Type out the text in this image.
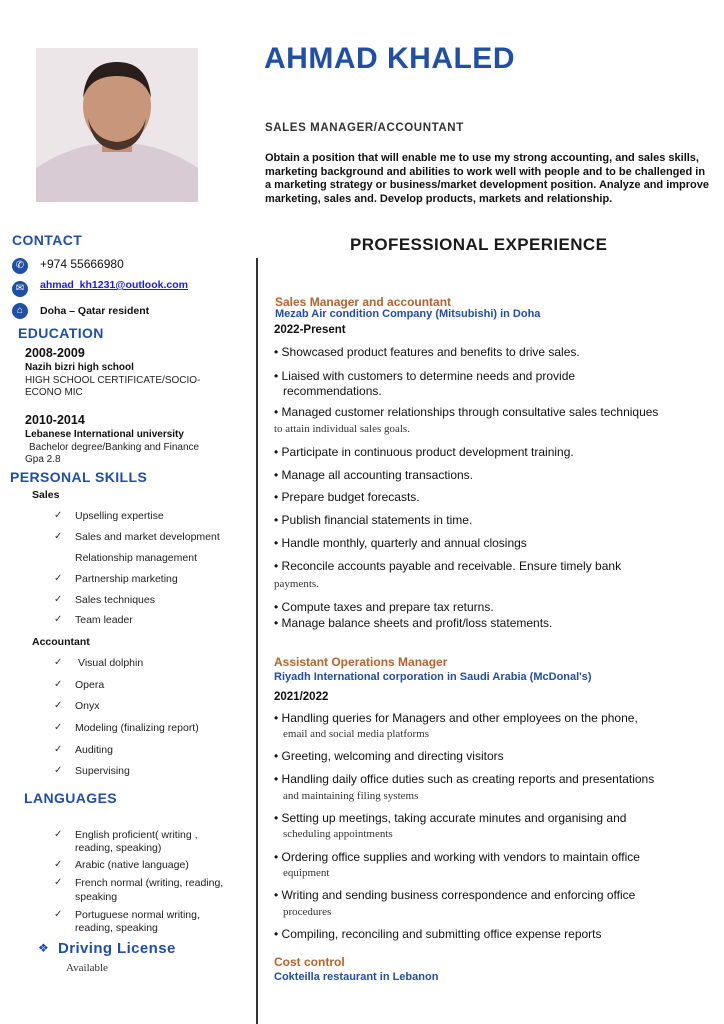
AHMAD KHALED
SALES MANAGER/ACCOUNTANT
Obtain a position that will enable me to use my strong accounting, and sales skills, marketing background and abilities to work well with people and to be challenged in a marketing strategy or business/market development position. Analyze and improve marketing, sales and. Develop products, markets and relationship.
CONTACT
✆	+974 55666980
✉	ahmad_kh1231@outlook.com
⌂	Doha – Qatar resident
EDUCATION
2008-2009
Nazih bizri high school
HIGH SCHOOL CERTIFICATE/SOCIO-
ECONO MIC
2010-2014
Lebanese International university
Bachelor degree/Banking and Finance
Gpa 2.8
PERSONAL SKILLS
Sales
✓ Upselling expertise
✓ Sales and market development
Relationship management
✓ Partnership marketing
✓ Sales techniques
✓ Team leader
Accountant
✓ Visual dolphin
✓ Opera
✓ Onyx
✓ Modeling (finalizing report)
✓ Auditing
✓ Supervising
LANGUAGES
✓ English proficient( writing ,
reading, speaking)
✓ Arabic (native language)
✓ French normal (writing, reading,
speaking
✓ Portuguese normal writing,
reading, speaking
❖ Driving License
Available
PROFESSIONAL EXPERIENCE
Sales Manager and accountant
Mezab Air condition Company (Mitsubishi) in Doha
2022-Present
• Showcased product features and benefits to drive sales.
• Liaised with customers to determine needs and provide
recommendations.
• Managed customer relationships through consultative sales techniques
to attain individual sales goals.
• Participate in continuous product development training.
• Manage all accounting transactions.
• Prepare budget forecasts.
• Publish financial statements in time.
• Handle monthly, quarterly and annual closings
• Reconcile accounts payable and receivable. Ensure timely bank
payments.
• Compute taxes and prepare tax returns.
• Manage balance sheets and profit/loss statements.
Assistant Operations Manager
Riyadh International corporation in Saudi Arabia (McDonal's)
2021/2022
• Handling queries for Managers and other employees on the phone,
email and social media platforms
• Greeting, welcoming and directing visitors
• Handling daily office duties such as creating reports and presentations
and maintaining filing systems
• Setting up meetings, taking accurate minutes and organising and
scheduling appointments
• Ordering office supplies and working with vendors to maintain office
equipment
• Writing and sending business correspondence and enforcing office
procedures
• Compiling, reconciling and submitting office expense reports
Cost control
Cokteilla restaurant in Lebanon
